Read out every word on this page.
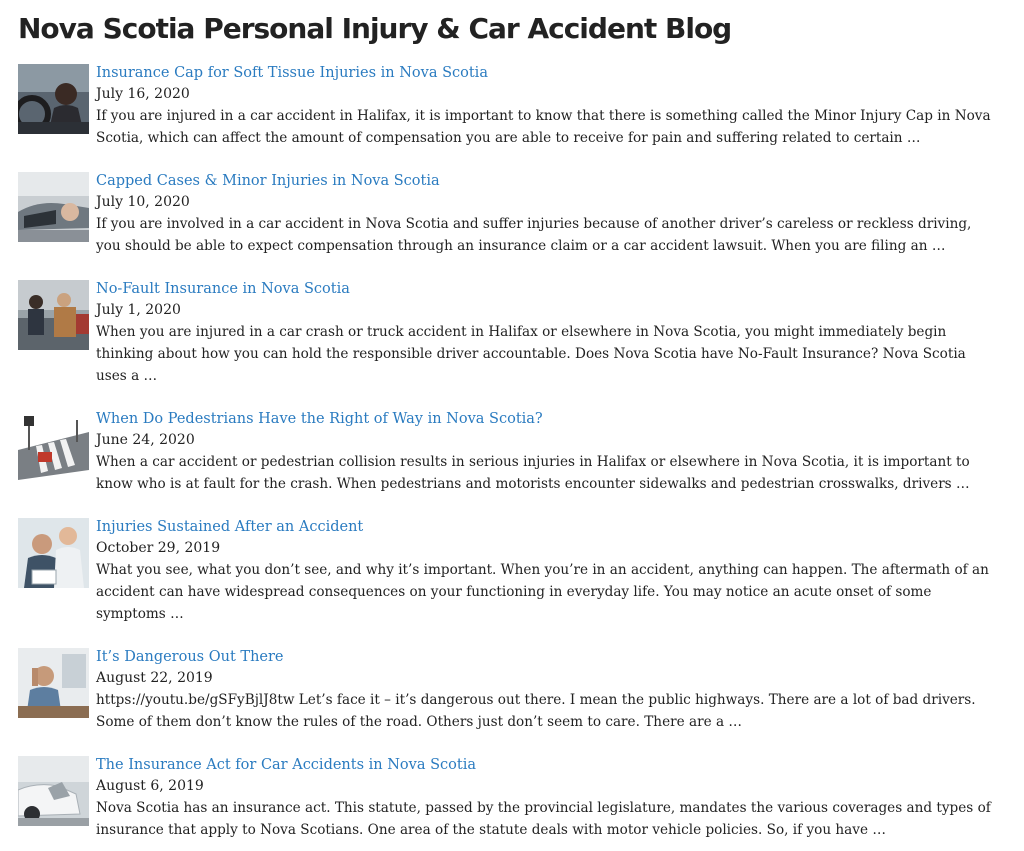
Nova Scotia Personal Injury & Car Accident Blog
Insurance Cap for Soft Tissue Injuries in Nova Scotia
July 16, 2020

If you are injured in a car accident in Halifax, it is important to know that there is something called the Minor Injury Cap in Nova Scotia, which can affect the amount of compensation you are able to receive for pain and suffering related to certain …

Capped Cases & Minor Injuries in Nova Scotia
July 10, 2020

If you are involved in a car accident in Nova Scotia and suffer injuries because of another driver’s careless or reckless driving, you should be able to expect compensation through an insurance claim or a car accident lawsuit. When you are filing an …

No-Fault Insurance in Nova Scotia
July 1, 2020

When you are injured in a car crash or truck accident in Halifax or elsewhere in Nova Scotia, you might immediately begin thinking about how you can hold the responsible driver accountable. Does Nova Scotia have No-Fault Insurance? Nova Scotia uses a …

When Do Pedestrians Have the Right of Way in Nova Scotia?
June 24, 2020

When a car accident or pedestrian collision results in serious injuries in Halifax or elsewhere in Nova Scotia, it is important to know who is at fault for the crash. When pedestrians and motorists encounter sidewalks and pedestrian crosswalks, drivers …

Injuries Sustained After an Accident
October 29, 2019

What you see, what you don’t see, and why it’s important. When you’re in an accident, anything can happen. The aftermath of an accident can have widespread consequences on your functioning in everyday life. You may notice an acute onset of some symptoms …

It’s Dangerous Out There
August 22, 2019

https://youtu.be/gSFyBjlJ8tw Let’s face it – it’s dangerous out there. I mean the public highways. There are a lot of bad drivers. Some of them don’t know the rules of the road. Others just don’t seem to care. There are a …

The Insurance Act for Car Accidents in Nova Scotia
August 6, 2019

Nova Scotia has an insurance act. This statute, passed by the provincial legislature, mandates the various coverages and types of insurance that apply to Nova Scotians. One area of the statute deals with motor vehicle policies. So, if you have …
